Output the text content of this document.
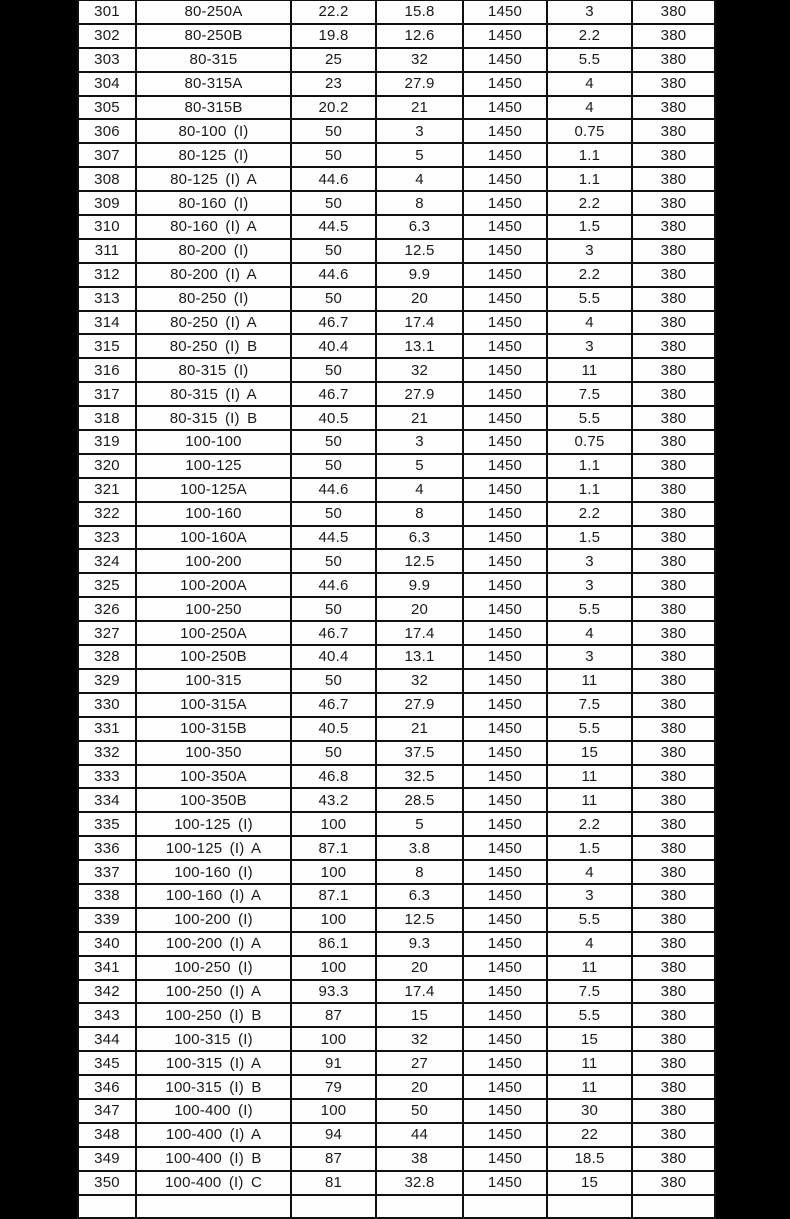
301	80-250A	22.2	15.8	1450	3	380
302	80-250B	19.8	12.6	1450	2.2	380
303	80-315	25	32	1450	5.5	380
304	80-315A	23	27.9	1450	4	380
305	80-315B	20.2	21	1450	4	380
306	80-100 (I)	50	3	1450	0.75	380
307	80-125 (I)	50	5	1450	1.1	380
308	80-125 (I) A	44.6	4	1450	1.1	380
309	80-160 (I)	50	8	1450	2.2	380
310	80-160 (I) A	44.5	6.3	1450	1.5	380
311	80-200 (I)	50	12.5	1450	3	380
312	80-200 (I) A	44.6	9.9	1450	2.2	380
313	80-250 (I)	50	20	1450	5.5	380
314	80-250 (I) A	46.7	17.4	1450	4	380
315	80-250 (I) B	40.4	13.1	1450	3	380
316	80-315 (I)	50	32	1450	11	380
317	80-315 (I) A	46.7	27.9	1450	7.5	380
318	80-315 (I) B	40.5	21	1450	5.5	380
319	100-100	50	3	1450	0.75	380
320	100-125	50	5	1450	1.1	380
321	100-125A	44.6	4	1450	1.1	380
322	100-160	50	8	1450	2.2	380
323	100-160A	44.5	6.3	1450	1.5	380
324	100-200	50	12.5	1450	3	380
325	100-200A	44.6	9.9	1450	3	380
326	100-250	50	20	1450	5.5	380
327	100-250A	46.7	17.4	1450	4	380
328	100-250B	40.4	13.1	1450	3	380
329	100-315	50	32	1450	11	380
330	100-315A	46.7	27.9	1450	7.5	380
331	100-315B	40.5	21	1450	5.5	380
332	100-350	50	37.5	1450	15	380
333	100-350A	46.8	32.5	1450	11	380
334	100-350B	43.2	28.5	1450	11	380
335	100-125 (I)	100	5	1450	2.2	380
336	100-125 (I) A	87.1	3.8	1450	1.5	380
337	100-160 (I)	100	8	1450	4	380
338	100-160 (I) A	87.1	6.3	1450	3	380
339	100-200 (I)	100	12.5	1450	5.5	380
340	100-200 (I) A	86.1	9.3	1450	4	380
341	100-250 (I)	100	20	1450	11	380
342	100-250 (I) A	93.3	17.4	1450	7.5	380
343	100-250 (I) B	87	15	1450	5.5	380
344	100-315 (I)	100	32	1450	15	380
345	100-315 (I) A	91	27	1450	11	380
346	100-315 (I) B	79	20	1450	11	380
347	100-400 (I)	100	50	1450	30	380
348	100-400 (I) A	94	44	1450	22	380
349	100-400 (I) B	87	38	1450	18.5	380
350	100-400 (I) C	81	32.8	1450	15	380
